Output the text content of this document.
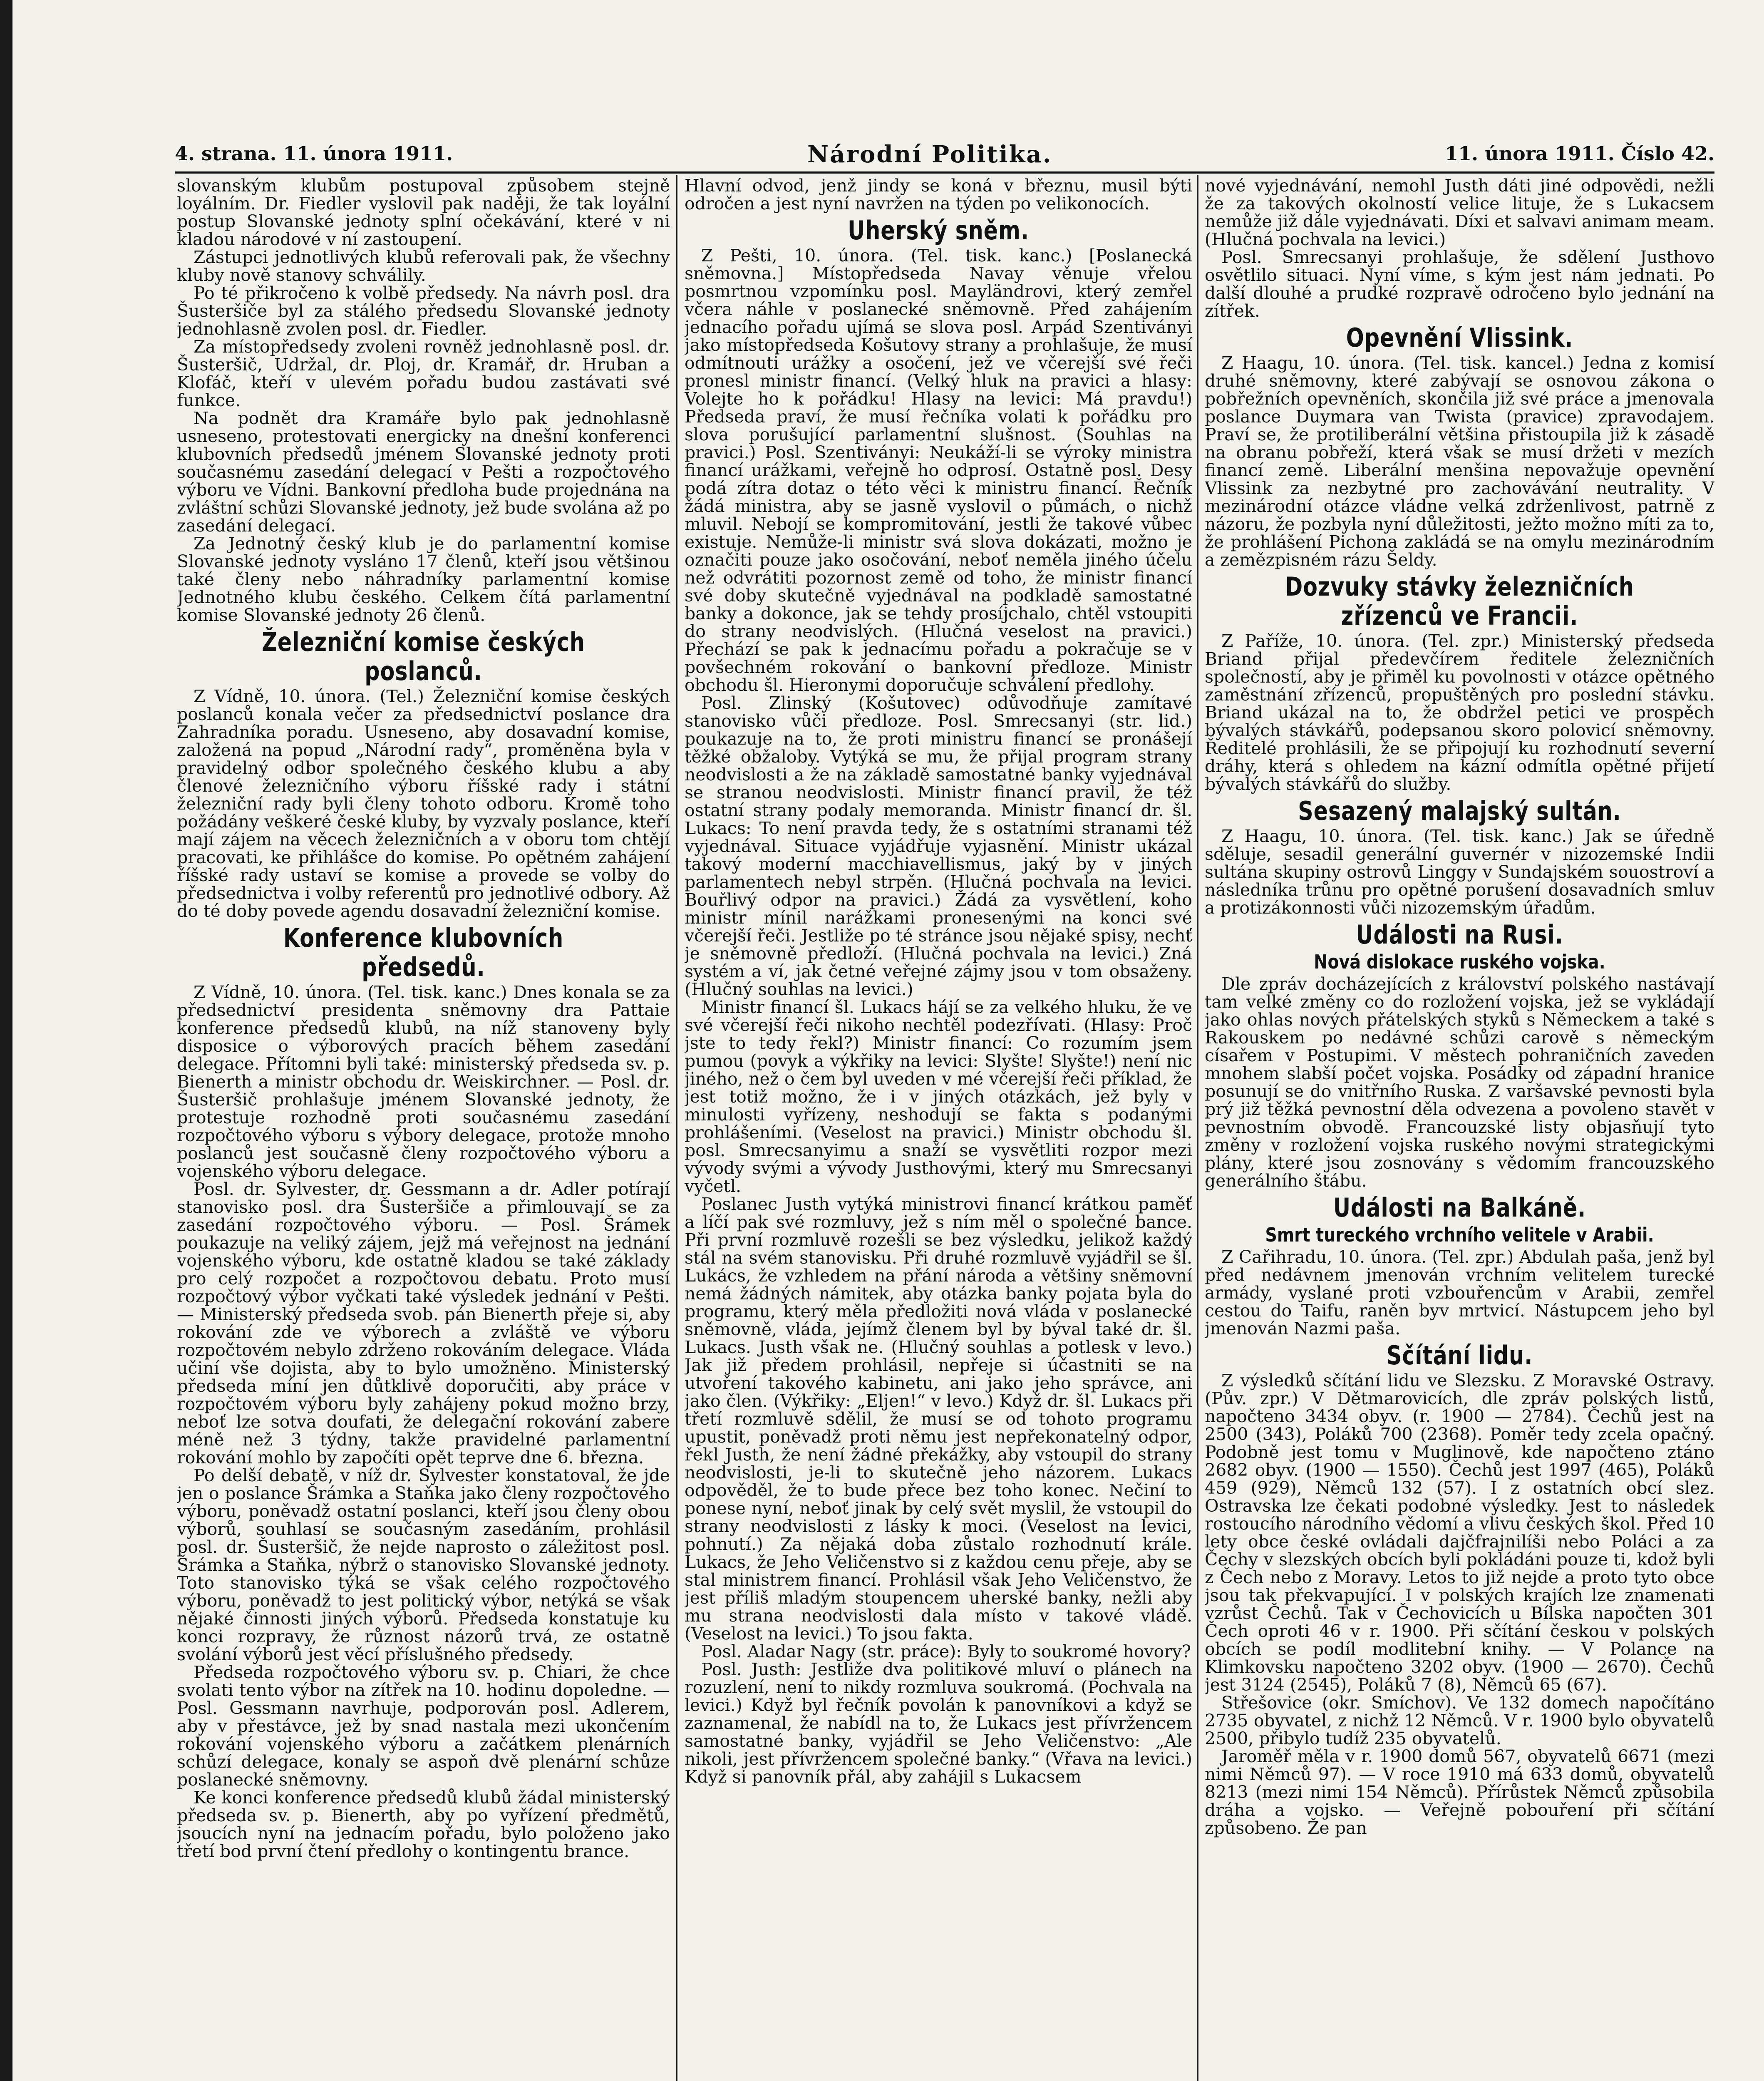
4. strana. 11. února 1911.	Národní Politika.	11. února 1911. Číslo 42.

slovanským klubům postupoval způsobem stejně loyálním. Dr. Fiedler vyslovil pak naději, že tak loyální postup Slovanské jednoty splní očekávání, které v ni kladou národové v ní zastoupení.

Zástupci jednotlivých klubů referovali pak, že všechny kluby nově stanovy schválily.

Po té přikročeno k volbě předsedy. Na návrh posl. dra Šusteršiče byl za stálého předsedu Slovanské jednoty jednohlasně zvolen posl. dr. Fiedler.

Za místopředsedy zvoleni rovněž jednohlasně posl. dr. Šusteršič, Udržal, dr. Ploj, dr. Kramář, dr. Hruban a Klofáč, kteří v ulevém pořadu budou zastávati své funkce.

Na podnět dra Kramáře bylo pak jednohlasně usneseno, protestovati energicky na dnešní konferenci klubovních předsedů jménem Slovanské jednoty proti současnému zasedání delegací v Pešti a rozpočtového výboru ve Vídni. Bankovní předloha bude projednána na zvláštní schůzi Slovanské jednoty, jež bude svolána až po zasedání delegací.

Za Jednotný český klub je do parlamentní komise Slovanské jednoty vysláno 17 členů, kteří jsou většinou také členy nebo náhradníky parlamentní komise Jednotného klubu českého. Celkem čítá parlamentní komise Slovanské jednoty 26 členů.

Železniční komise českých poslanců.

Z Vídně, 10. února. (Tel.) Železniční komise českých poslanců konala večer za předsednictví poslance dra Zahradníka poradu. Usneseno, aby dosavadní komise, založená na popud „Národní rady“, proměněna byla v pravidelný odbor společného českého klubu a aby členové železničního výboru říšské rady i státní železniční rady byli členy tohoto odboru. Kromě toho požádány veškeré české kluby, by vyzvaly poslance, kteří mají zájem na věcech železničních a v oboru tom chtějí pracovati, ke přihlášce do komise. Po opětném zahájení říšské rady ustaví se komise a provede se volby do předsednictva i volby referentů pro jednotlivé odbory. Až do té doby povede agendu dosavadní železniční komise.

Konference klubovních předsedů.

Z Vídně, 10. února. (Tel. tisk. kanc.) Dnes konala se za předsednictví presidenta sněmovny dra Pattaie konference předsedů klubů, na níž stanoveny byly disposice o výborových pracích během zasedání delegace. Přítomni byli také: ministerský předseda sv. p. Bienerth a ministr obchodu dr. Weiskirchner. — Posl. dr. Šusteršič prohlašuje jménem Slovanské jednoty, že protestuje rozhodně proti současnému zasedání rozpočtového výboru s výbory delegace, protože mnoho poslanců jest současně členy rozpočtového výboru a vojenského výboru delegace.

Posl. dr. Sylvester, dr. Gessmann a dr. Adler potírají stanovisko posl. dra Šusteršiče a přimlouvají se za zasedání rozpočtového výboru. — Posl. Šrámek poukazuje na veliký zájem, jejž má veřejnost na jednání vojenského výboru, kde ostatně kladou se také základy pro celý rozpočet a rozpočtovou debatu. Proto musí rozpočtový výbor vyčkati také výsledek jednání v Pešti. — Ministerský předseda svob. pán Bienerth přeje si, aby rokování zde ve výborech a zvláště ve výboru rozpočtovém nebylo zdrženo rokováním delegace. Vláda učiní vše dojista, aby to bylo umožněno. Ministerský předseda míní jen důtklivě doporučiti, aby práce v rozpočtovém výboru byly zahájeny pokud možno brzy, neboť lze sotva doufati, že delegační rokování zabere méně než 3 týdny, takže pravidelné parlamentní rokování mohlo by započíti opět teprve dne 6. března.

Po delší debatě, v níž dr. Sylvester konstatoval, že jde jen o poslance Šrámka a Staňka jako členy rozpočtového výboru, poněvadž ostatní poslanci, kteří jsou členy obou výborů, souhlasí se současným zasedáním, prohlásil posl. dr. Šusteršič, že nejde naprosto o záležitost posl. Šrámka a Staňka, nýbrž o stanovisko Slovanské jednoty. Toto stanovisko týká se však celého rozpočtového výboru, poněvadž to jest politický výbor, netýká se však nějaké činnosti jiných výborů. Předseda konstatuje ku konci rozpravy, že různost názorů trvá, ze ostatně svolání výborů jest věcí příslušného předsedy.

Předseda rozpočtového výboru sv. p. Chiari, že chce svolati tento výbor na zítřek na 10. hodinu dopoledne. — Posl. Gessmann navrhuje, podporován posl. Adlerem, aby v přestávce, jež by snad nastala mezi ukončením rokování vojenského výboru a začátkem plenárních schůzí delegace, konaly se aspoň dvě plenární schůze poslanecké sněmovny.

Ke konci konference předsedů klubů žádal ministerský předseda sv. p. Bienerth, aby po vyřízení předmětů, jsoucích nyní na jednacím pořadu, bylo položeno jako třetí bod první čtení předlohy o kontingentu brance.

Hlavní odvod, jenž jindy se koná v březnu, musil býti odročen a jest nyní navržen na týden po velikonocích.

Uherský sněm.

Z Pešti, 10. února. (Tel. tisk. kanc.) [Poslanecká sněmovna.] Místopředseda Navay věnuje vřelou posmrtnou vzpomínku posl. Mayländrovi, který zemřel včera náhle v poslanecké sněmovně. Před zahájením jednacího pořadu ujímá se slova posl. Arpád Szentiványi jako místopředseda Košutovy strany a prohlašuje, že musí odmítnouti urážky a osočení, jež ve včerejší své řeči pronesl ministr financí. (Velký hluk na pravici a hlasy: Volejte ho k pořádku! Hlasy na levici: Má pravdu!) Předseda praví, že musí řečníka volati k pořádku pro slova porušující parlamentní slušnost. (Souhlas na pravici.) Posl. Szentiványi: Neukáží-li se výroky ministra financí urážkami, veřejně ho odprosí. Ostatně posl. Desy podá zítra dotaz o této věci k ministru financí. Řečník žádá ministra, aby se jasně vyslovil o půmách, o nichž mluvil. Nebojí se kompromitování, jestli že takové vůbec existuje. Nemůže-li ministr svá slova dokázati, možno je označiti pouze jako osočování, neboť neměla jiného účelu než odvrátiti pozornost země od toho, že ministr financí své doby skutečně vyjednával na podkladě samostatné banky a dokonce, jak se tehdy prosíjchalo, chtěl vstoupiti do strany neodvislých. (Hlučná veselost na pravici.) Přechází se pak k jednacímu pořadu a pokračuje se v povšechném rokování o bankovní předloze. Ministr obchodu šl. Hieronymi doporučuje schválení předlohy.

Posl. Zlinský (Košutovec) odůvodňuje zamítavé stanovisko vůči předloze. Posl. Smrecsanyi (str. lid.) poukazuje na to, že proti ministru financí se pronášejí těžké obžaloby. Vytýká se mu, že přijal program strany neodvislosti a že na základě samostatné banky vyjednával se stranou neodvislosti. Ministr financí pravil, že též ostatní strany podaly memoranda. Ministr financí dr. šl. Lukacs: To není pravda tedy, že s ostatními stranami též vyjednával. Situace vyjádřuje vyjasnění. Ministr ukázal takový moderní macchiavellismus, jaký by v jiných parlamentech nebyl strpěn. (Hlučná pochvala na levici. Bouřlivý odpor na pravici.) Žádá za vysvětlení, koho ministr mínil narážkami pronesenými na konci své včerejší řeči. Jestliže po té stránce jsou nějaké spisy, nechť je sněmovně předloží. (Hlučná pochvala na levici.) Zná systém a ví, jak četné veřejné zájmy jsou v tom obsaženy. (Hlučný souhlas na levici.)

Ministr financí šl. Lukacs hájí se za velkého hluku, že ve své včerejší řeči nikoho nechtěl podezřívati. (Hlasy: Proč jste to tedy řekl?) Ministr financí: Co rozumím jsem pumou (povyk a výkřiky na levici: Slyšte! Slyšte!) není nic jiného, než o čem byl uveden v mé včerejší řeči příklad, že jest totiž možno, že i v jiných otázkách, jež byly v minulosti vyřízeny, neshodují se fakta s podanými prohlášeními. (Veselost na pravici.) Ministr obchodu šl. posl. Smrecsanyimu a snaží se vysvětliti rozpor mezi vývody svými a vývody Justhovými, který mu Smrecsanyi vyčetl.

Poslanec Justh vytýká ministrovi financí krátkou paměť a líčí pak své rozmluvy, jež s ním měl o společné bance. Při první rozmluvě rozešli se bez výsledku, jelikož každý stál na svém stanovisku. Při druhé rozmluvě vyjádřil se šl. Lukács, že vzhledem na přání národa a většiny sněmovní nemá žádných námitek, aby otázka banky pojata byla do programu, který měla předložiti nová vláda v poslanecké sněmovně, vláda, jejímž členem byl by býval také dr. šl. Lukacs. Justh však ne. (Hlučný souhlas a potlesk v levo.) Jak již předem prohlásil, nepřeje si účastniti se na utvoření takového kabinetu, ani jako jeho správce, ani jako člen. (Výkřiky: „Eljen!“ v levo.) Když dr. šl. Lukacs při třetí rozmluvě sdělil, že musí se od tohoto programu upustit, poněvadž proti němu jest nepřekonatelný odpor, řekl Justh, že není žádné překážky, aby vstoupil do strany neodvislosti, je-li to skutečně jeho názorem. Lukacs odpověděl, že to bude přece bez toho konec. Nečiní to ponese nyní, neboť jinak by celý svět myslil, že vstoupil do strany neodvislosti z lásky k moci. (Veselost na levici, pohnutí.) Za nějaká doba zůstalo rozhodnutí krále. Lukacs, že Jeho Veličenstvo si z každou cenu přeje, aby se stal ministrem financí. Prohlásil však Jeho Veličenstvo, že jest příliš mladým stoupencem uherské banky, nežli aby mu strana neodvislosti dala místo v takové vládě. (Veselost na levici.) To jsou fakta.

Posl. Aladar Nagy (str. práce): Byly to soukromé hovory?

Posl. Justh: Jestliže dva politikové mluví o plánech na rozuzlení, není to nikdy rozmluva soukromá. (Pochvala na levici.) Když byl řečník povolán k panovníkovi a když se zaznamenal, že nabídl na to, že Lukacs jest přívržencem samostatné banky, vyjádřil se Jeho Veličenstvo: „Ale nikoli, jest přívržencem společné banky.“ (Vřava na levici.) Když si panovník přál, aby zahájil s Lukacsem

nové vyjednávání, nemohl Justh dáti jiné odpovědi, nežli že za takových okolností velice lituje, že s Lukacsem nemůže již dále vyjednávati. Díxi et salvavi animam meam. (Hlučná pochvala na levici.)

Posl. Smrecsanyi prohlašuje, že sdělení Justhovo osvětlilo situaci. Nyní víme, s kým jest nám jednati. Po další dlouhé a prudké rozpravě odročeno bylo jednání na zítřek.

Opevnění Vlissink.

Z Haagu, 10. února. (Tel. tisk. kancel.) Jedna z komisí druhé sněmovny, které zabývají se osnovou zákona o pobřežních opevněních, skončila již své práce a jmenovala poslance Duymara van Twista (pravice) zpravodajem. Praví se, že protiliberální většina přistoupila již k zásadě na obranu pobřeží, která však se musí držeti v mezích financí země. Liberální menšina nepovažuje opevnění Vlissink za nezbytné pro zachovávání neutrality. V mezinárodní otázce vládne velká zdrženlivost, patrně z názoru, že pozbyla nyní důležitosti, ježto možno míti za to, že prohlášení Pichona zakládá se na omylu mezinárodním a zemězpisném rázu Šeldy.

Dozvuky stávky železničních zřízenců ve Francii.

Z Paříže, 10. února. (Tel. zpr.) Ministerský předseda Briand přijal předevčírem ředitele železničních společností, aby je přiměl ku povolnosti v otázce opětného zaměstnání zřízenců, propuštěných pro poslední stávku. Briand ukázal na to, že obdržel petici ve prospěch bývalých stávkářů, podepsanou skoro polovicí sněmovny. Ředitelé prohlásili, že se připojují ku rozhodnutí severní dráhy, která s ohledem na kázní odmítla opětné přijetí bývalých stávkářů do služby.

Sesazený malajský sultán.

Z Haagu, 10. února. (Tel. tisk. kanc.) Jak se úředně sděluje, sesadil generální guvernér v nizozemské Indii sultána skupiny ostrovů Linggy v Sundajském souostroví a následníka trůnu pro opětné porušení dosavadních smluv a protizákonnosti vůči nizozemským úřadům.

Události na Rusi.
Nová dislokace ruského vojska.

Dle zpráv docházejících z království polského nastávají tam velké změny co do rozložení vojska, jež se vykládají jako ohlas nových přátelských styků s Německem a také s Rakouskem po nedávné schůzi carově s německým císařem v Postupimi. V městech pohraničních zaveden mnohem slabší počet vojska. Posádky od západní hranice posunují se do vnitřního Ruska. Z varšavské pevnosti byla prý již těžká pevnostní děla odvezena a povoleno stavět v pevnostním obvodě. Francouzské listy objasňují tyto změny v rozložení vojska ruského novými strategickými plány, které jsou zosnovány s vědomím francouzského generálního štábu.

Události na Balkáně.
Smrt tureckého vrchního velitele v Arabii.

Z Cařihradu, 10. února. (Tel. zpr.) Abdulah paša, jenž byl před nedávnem jmenován vrchním velitelem turecké armády, vyslané proti vzbouřencům v Arabii, zemřel cestou do Taifu, raněn byv mrtvicí. Nástupcem jeho byl jmenován Nazmi paša.

Sčítání lidu.

Z výsledků sčítání lidu ve Slezsku. Z Moravské Ostravy. (Pův. zpr.) V Dětmarovicích, dle zpráv polských listů, napočteno 3434 obyv. (r. 1900 — 2784). Čechů jest na 2500 (343), Poláků 700 (2368). Poměr tedy zcela opačný. Podobně jest tomu v Muglinově, kde napočteno ztáno 2682 obyv. (1900 — 1550). Čechů jest 1997 (465), Poláků 459 (929), Němců 132 (57). I z ostatních obcí slez. Ostravska lze čekati podobné výsledky. Jest to následek rostoucího národního vědomí a vlivu českých škol. Před 10 lety obce české ovládali dajčfrajnilíši nebo Poláci a za Čechy v slezských obcích byli pokládáni pouze ti, kdož byli z Čech nebo z Moravy. Letos to již nejde a proto tyto obce jsou tak překvapující. I v polských krajích lze znamenati vzrůst Čechů. Tak v Čechovicích u Bílska napočten 301 Čech oproti 46 v r. 1900. Při sčítání českou v polských obcích se podíl modlitební knihy. — V Polance na Klimkovsku napočteno 3202 obyv. (1900 — 2670). Čechů jest 3124 (2545), Poláků 7 (8), Němců 65 (67).

Střešovice (okr. Smíchov). Ve 132 domech napočítáno 2735 obyvatel, z nichž 12 Němců. V r. 1900 bylo obyvatelů 2500, přibylo tudíž 235 obyvatelů.

Jaroměř měla v r. 1900 domů 567, obyvatelů 6671 (mezi nimi Němců 97). — V roce 1910 má 633 domů, obyvatelů 8213 (mezi nimi 154 Němců). Přírůstek Němců způsobila dráha a vojsko. — Veřejně pobouření při sčítání způsobeno. Že pan
